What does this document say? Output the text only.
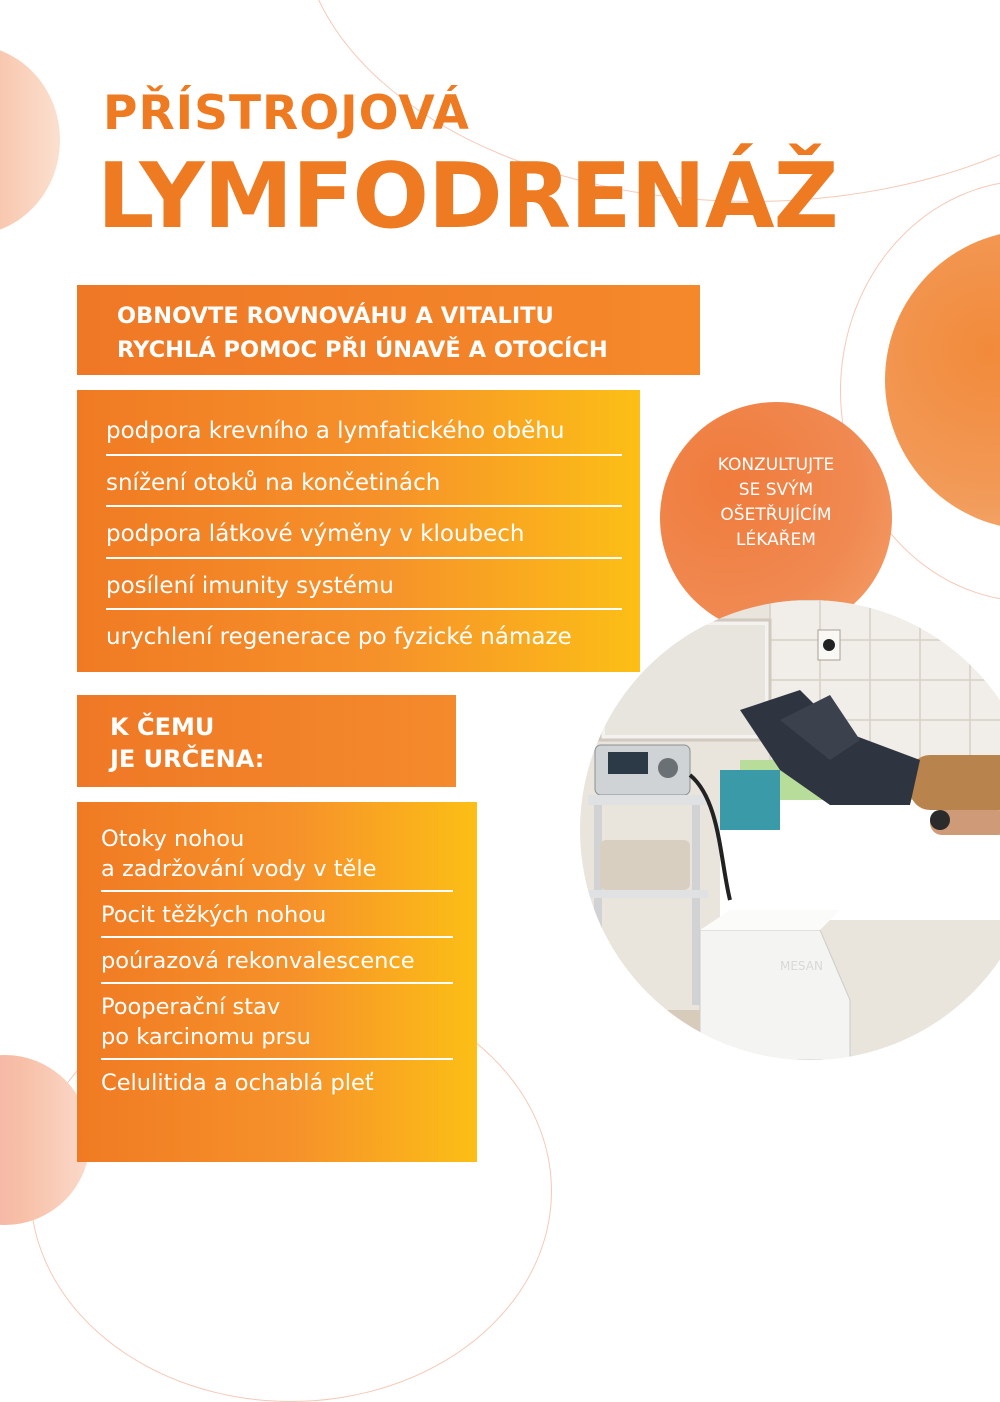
PŘÍSTROJOVÁ
LYMFODRENÁŽ
OBNOVTE ROVNOVÁHU A VITALITU
RYCHLÁ POMOC PŘI ÚNAVĚ A OTOCÍCH
podpora krevního a lymfatického oběhu
snížení otoků na končetinách
podpora látkové výměny v kloubech
posílení imunity systému
urychlení regenerace po fyzické námaze
KONZULTUJTE
SE SVÝM
OŠETŘUJÍCÍM
LÉKAŘEM
K ČEMU
JE URČENA:
Otoky nohou
a zadržování vody v těle
Pocit těžkých nohou
poúrazová rekonvalescence
Pooperační stav
po karcinomu prsu
Celulitida a ochablá pleť
MESAN
